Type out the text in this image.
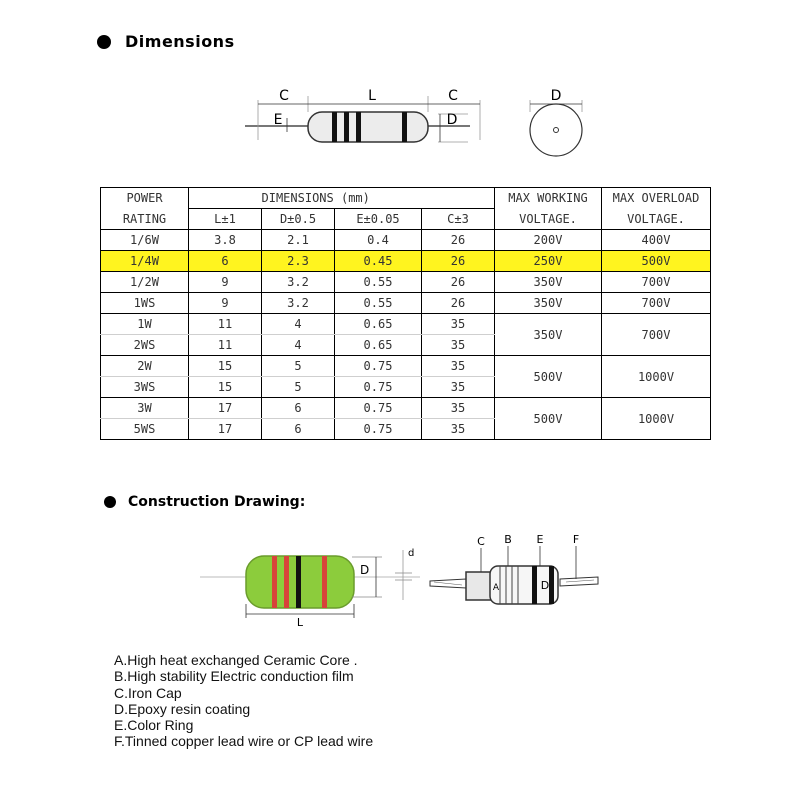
Dimensions
C	L	C
E	D
D
POWER		DIMENSIONS (mm)			MAX WORKING	MAX OVERLOAD
RATING	L±1	D±0.5	E±0.05	C±3	VOLTAGE.	VOLTAGE.
1/6W	3.8	2.1	0.4	26	200V	400V
1/4W	6	2.3	0.45	26	250V	500V
1/2W	9	3.2	0.55	26	350V	700V
1WS	9	3.2	0.55	26	350V	700V
1W	11	4	0.65	35	350V	700V
2WS	11	4	0.65	35		
2W	15	5	0.75	35	500V	1000V
3WS	15	5	0.75	35		
3W	17	6	0.75	35	500V	1000V
5WS	17	6	0.75	35		
Construction Drawing:
d
D
L
C B E	F
A	D
A.High heat exchanged Ceramic Core .
B.High stability Electric conduction film
C.Iron Cap
D.Epoxy resin coating
E.Color Ring
F.Tinned copper lead wire or CP lead wire
